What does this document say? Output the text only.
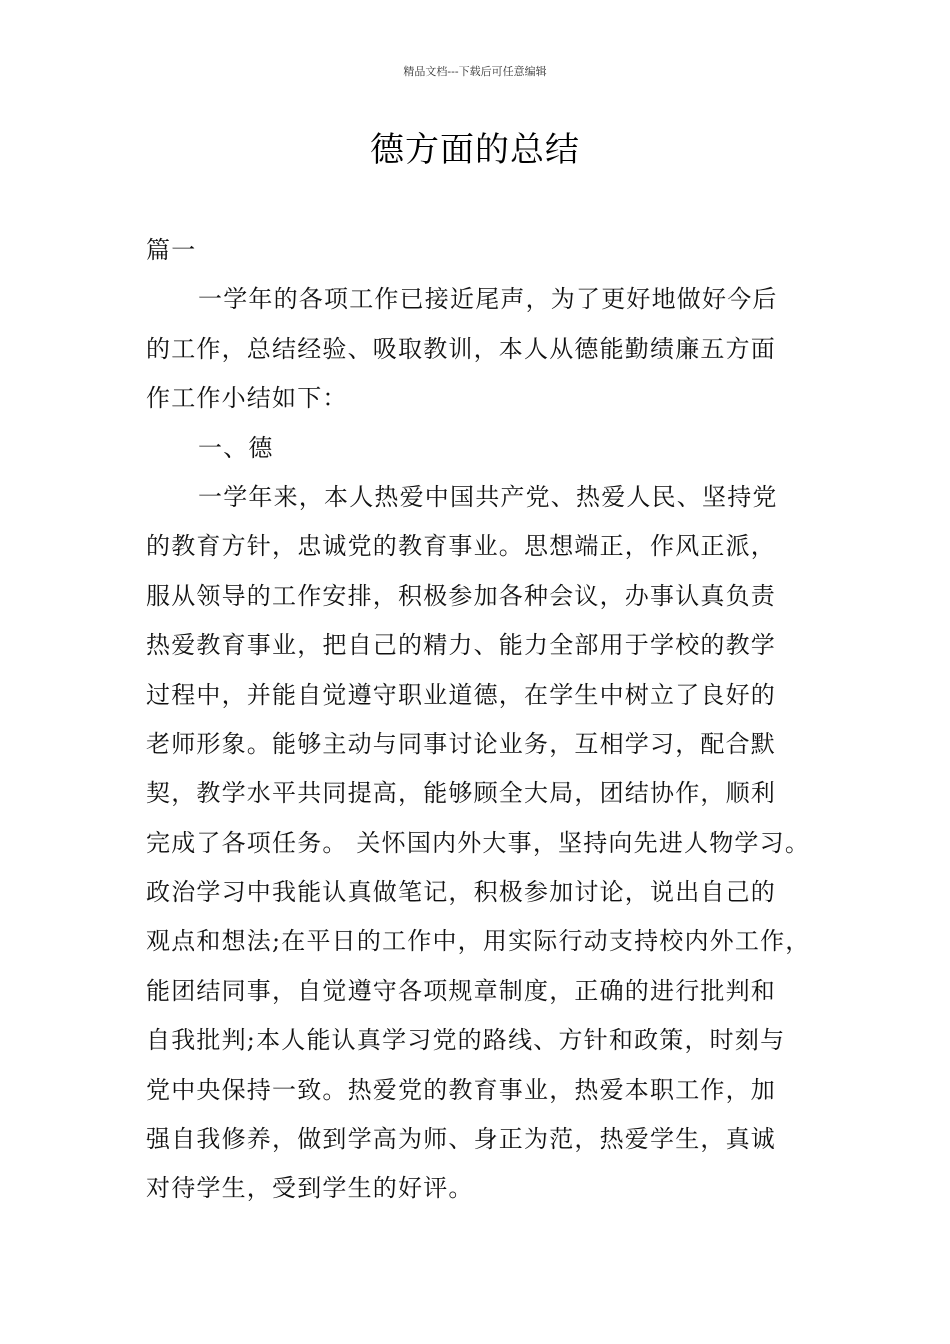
精品文档---下载后可任意编辑
德方面的总结
篇一
一学年的各项工作已接近尾声，为了更好地做好今后
的工作，总结经验、吸取教训，本人从德能勤绩廉五方面
作工作小结如下：
一、德
一学年来，本人热爱中国共产党、热爱人民、坚持党
的教育方针，忠诚党的教育事业。思想端正，作风正派，
服从领导的工作安排，积极参加各种会议，办事认真负责
热爱教育事业，把自己的精力、能力全部用于学校的教学
过程中，并能自觉遵守职业道德，在学生中树立了良好的
老师形象。能够主动与同事讨论业务，互相学习，配合默
契，教学水平共同提高，能够顾全大局，团结协作，顺利
完成了各项任务。 关怀国内外大事，坚持向先进人物学习。
政治学习中我能认真做笔记，积极参加讨论，说出自己的
观点和想法;在平日的工作中，用实际行动支持校内外工作，
能团结同事，自觉遵守各项规章制度，正确的进行批判和
自我批判;本人能认真学习党的路线、方针和政策，时刻与
党中央保持一致。热爱党的教育事业，热爱本职工作，加
强自我修养，做到学高为师、身正为范，热爱学生，真诚
对待学生，受到学生的好评。
